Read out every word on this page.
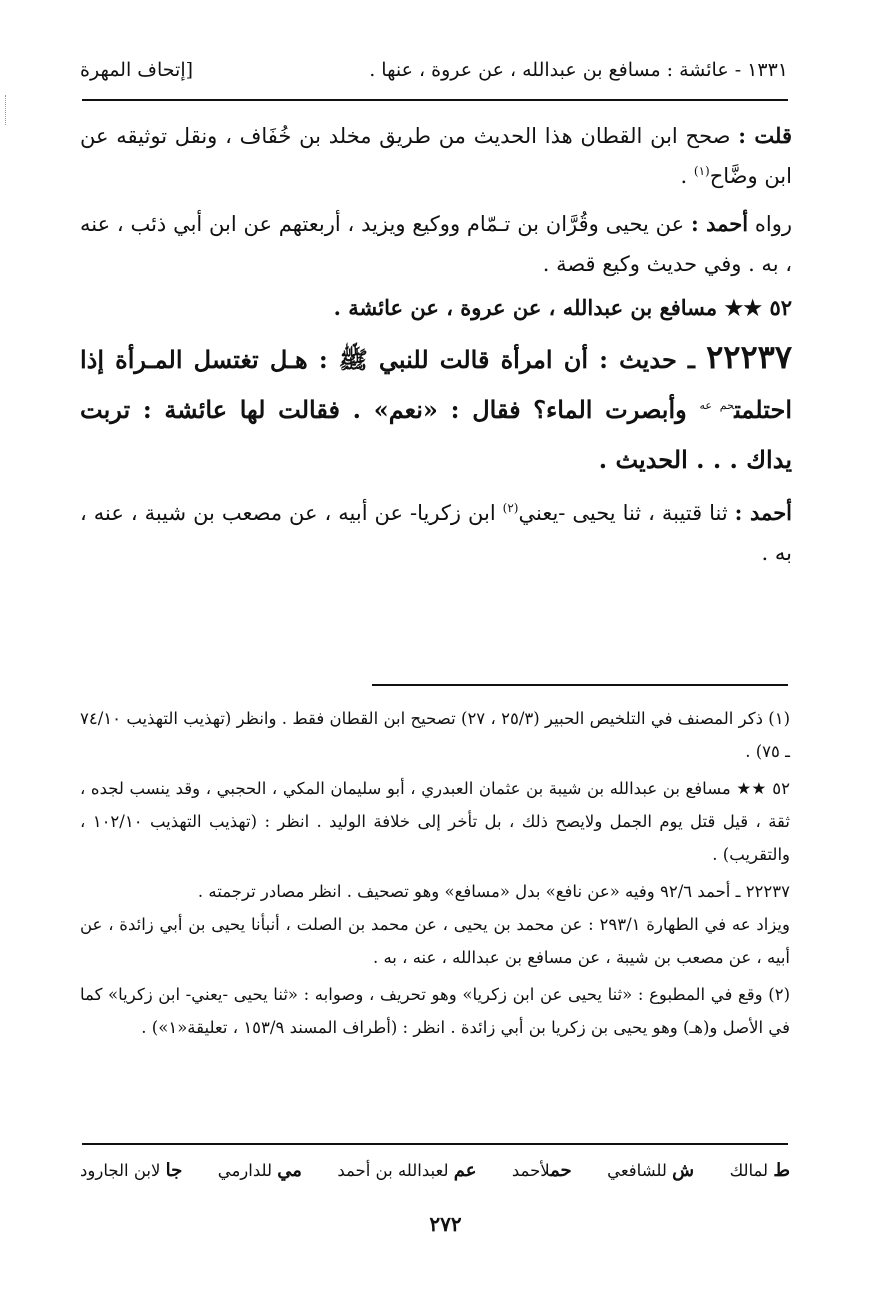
[إتحاف المهرة	١٣٣١ - عائشة : مسافع بن عبدالله ، عن عروة ، عنها .

قلت : صحح ابن القطان هذا الحديث من طريق مخلد بن خُفَاف ، ونقل توثيقه عن ابن وضَّاح$^{(١)}$ .

رواه أحمد : عن يحيى وقُرَّان بن تـمّام ووكيع ويزيد ، أربعتهم عن ابن أبي ذئب ، عنه ، به . وفي حديث وكيع قصة .

٥٢ ★★ مسافع بن عبدالله ، عن عروة ، عن عائشة .

٢٢٢٣٧ ـ حديث : أن امرأة قالت للنبي ﷺ : هـل تغتسل المـرأة إذا احتلمت$^{حم عه}$ وأبصرت الماء؟ فقال : «نعم» . فقالت لها عائشة : تربت يداك . . . الحديث .

أحمد : ثنا قتيبة ، ثنا يحيى -يعني$^{(٢)}$ ابن زكريا- عن أبيه ، عن مصعب بن شيبة ، عنه ، به .

(١) ذكر المصنف في التلخيص الحبير (٢٥/٣ ، ٢٧) تصحيح ابن القطان فقط . وانظر (تهذيب التهذيب ٧٤/١٠ ـ ٧٥) .

٥٢ ★★ مسافع بن عبدالله بن شيبة بن عثمان العبدري ، أبو سليمان المكي ، الحجبي ، وقد ينسب لجده ، ثقة ، قيل قتل يوم الجمل ولايصح ذلك ، بل تأخر إلى خلافة الوليد . انظر : (تهذيب التهذيب ١٠٢/١٠ ، والتقريب) .

٢٢٢٣٧ ـ أحمد ٩٢/٦ وفيه «عن نافع» بدل «مسافع» وهو تصحيف . انظر مصادر ترجمته .

ويزاد عه في الطهارة ٢٩٣/١ : عن محمد بن يحيى ، عن محمد بن الصلت ، أنبأنا يحيى بن أبي زائدة ، عن أبيه ، عن مصعب بن شيبة ، عن مسافع بن عبدالله ، عنه ، به .

(٢) وقع في المطبوع : «ثنا يحيى عن ابن زكريا» وهو تحريف ، وصوابه : «ثنا يحيى -يعني- ابن زكريا» كما في الأصل و(هـ) وهو يحيى بن زكريا بن أبي زائدة . انظر : (أطراف المسند ١٥٣/٩ ، تعليقة«١») .

ط لمالك
ش للشافعي
حملأحمد
عم لعبدالله بن أحمد
مي للدارمي
جا لابن الجارود
٢٧٢
